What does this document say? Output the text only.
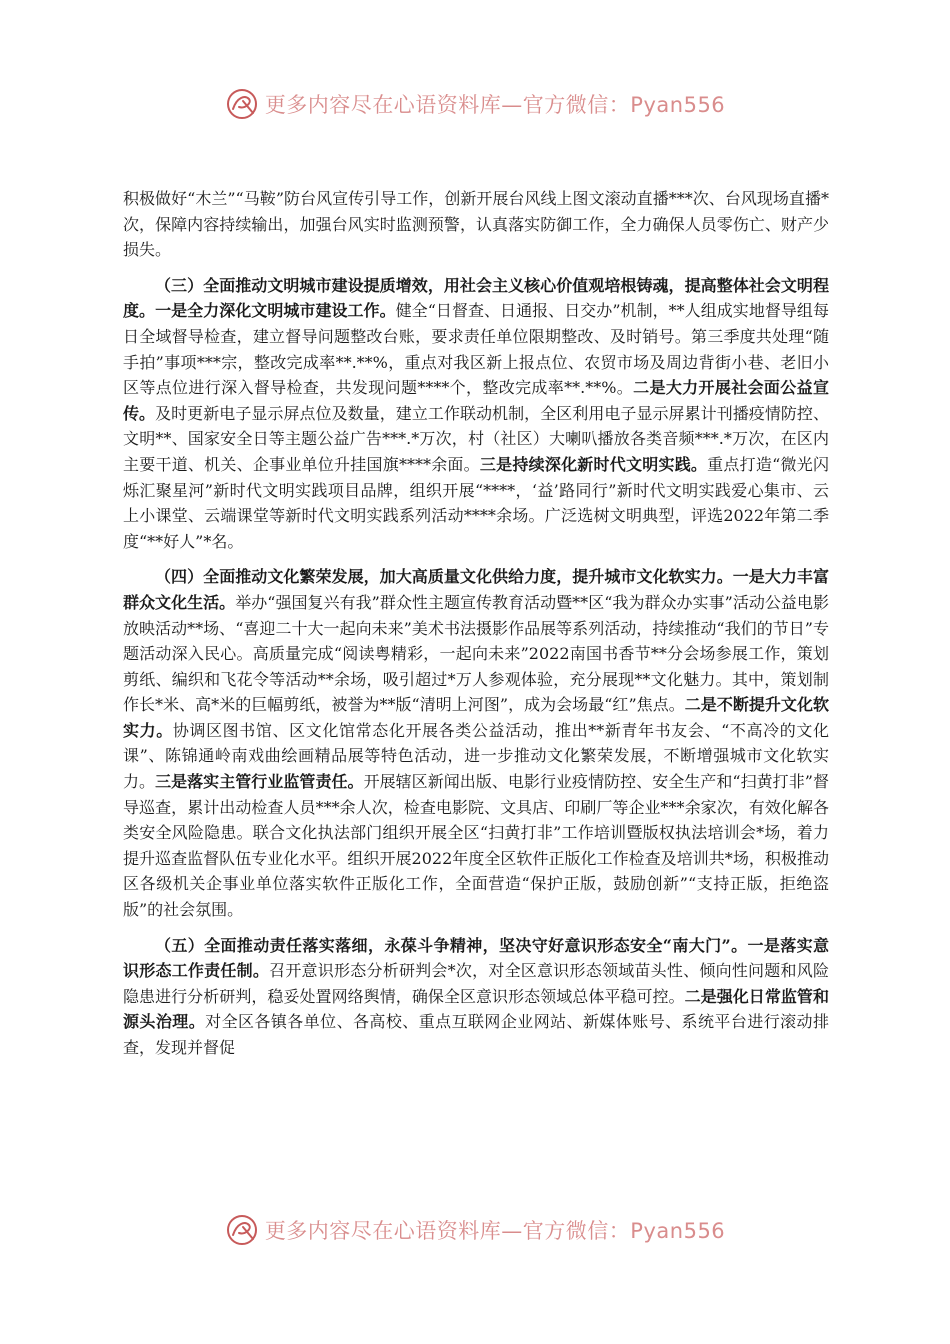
更多内容尽在心语资料库—官方微信：Pyan556

积极做好“木兰”“马鞍”防台风宣传引导工作，创新开展台风线上图文滚动直播***次、台风现场直播*次，保障内容持续输出，加强台风实时监测预警，认真落实防御工作，全力确保人员零伤亡、财产少损失。

（三）全面推动文明城市建设提质增效，用社会主义核心价值观培根铸魂，提高整体社会文明程度。一是全力深化文明城市建设工作。健全“日督查、日通报、日交办”机制，**人组成实地督导组每日全域督导检查，建立督导问题整改台账，要求责任单位限期整改、及时销号。第三季度共处理“随手拍”事项***宗，整改完成率**.**%，重点对我区新上报点位、农贸市场及周边背街小巷、老旧小区等点位进行深入督导检查，共发现问题****个，整改完成率**.**%。二是大力开展社会面公益宣传。及时更新电子显示屏点位及数量，建立工作联动机制，全区利用电子显示屏累计刊播疫情防控、文明**、国家安全日等主题公益广告***.*万次，村（社区）大喇叭播放各类音频***.*万次，在区内主要干道、机关、企事业单位升挂国旗****余面。三是持续深化新时代文明实践。重点打造“微光闪烁汇聚星河”新时代文明实践项目品牌，组织开展“****，‘益’路同行”新时代文明实践爱心集市、云上小课堂、云端课堂等新时代文明实践系列活动****余场。广泛选树文明典型，评选2022年第二季度“**好人”*名。

（四）全面推动文化繁荣发展，加大高质量文化供给力度，提升城市文化软实力。一是大力丰富群众文化生活。举办“强国复兴有我”群众性主题宣传教育活动暨**区“我为群众办实事”活动公益电影放映活动**场、“喜迎二十大一起向未来”美术书法摄影作品展等系列活动，持续推动“我们的节日”专题活动深入民心。高质量完成“阅读粤精彩，一起向未来”2022南国书香节**分会场参展工作，策划剪纸、编织和飞花令等活动**余场，吸引超过*万人参观体验，充分展现**文化魅力。其中，策划制作长*米、高*米的巨幅剪纸，被誉为**版“清明上河图”，成为会场最“红”焦点。二是不断提升文化软实力。协调区图书馆、区文化馆常态化开展各类公益活动，推出**新青年书友会、“不高冷的文化课”、陈锦通岭南戏曲绘画精品展等特色活动，进一步推动文化繁荣发展，不断增强城市文化软实力。三是落实主管行业监管责任。开展辖区新闻出版、电影行业疫情防控、安全生产和“扫黄打非”督导巡查，累计出动检查人员***余人次，检查电影院、文具店、印刷厂等企业***余家次，有效化解各类安全风险隐患。联合文化执法部门组织开展全区“扫黄打非”工作培训暨版权执法培训会*场，着力提升巡查监督队伍专业化水平。组织开展2022年度全区软件正版化工作检查及培训共*场，积极推动区各级机关企事业单位落实软件正版化工作，全面营造“保护正版，鼓励创新”“支持正版，拒绝盗版”的社会氛围。

（五）全面推动责任落实落细，永葆斗争精神，坚决守好意识形态安全“南大门”。一是落实意识形态工作责任制。召开意识形态分析研判会*次，对全区意识形态领域苗头性、倾向性问题和风险隐患进行分析研判，稳妥处置网络舆情，确保全区意识形态领域总体平稳可控。二是强化日常监管和源头治理。对全区各镇各单位、各高校、重点互联网企业网站、新媒体账号、系统平台进行滚动排查，发现并督促

更多内容尽在心语资料库—官方微信：Pyan556
